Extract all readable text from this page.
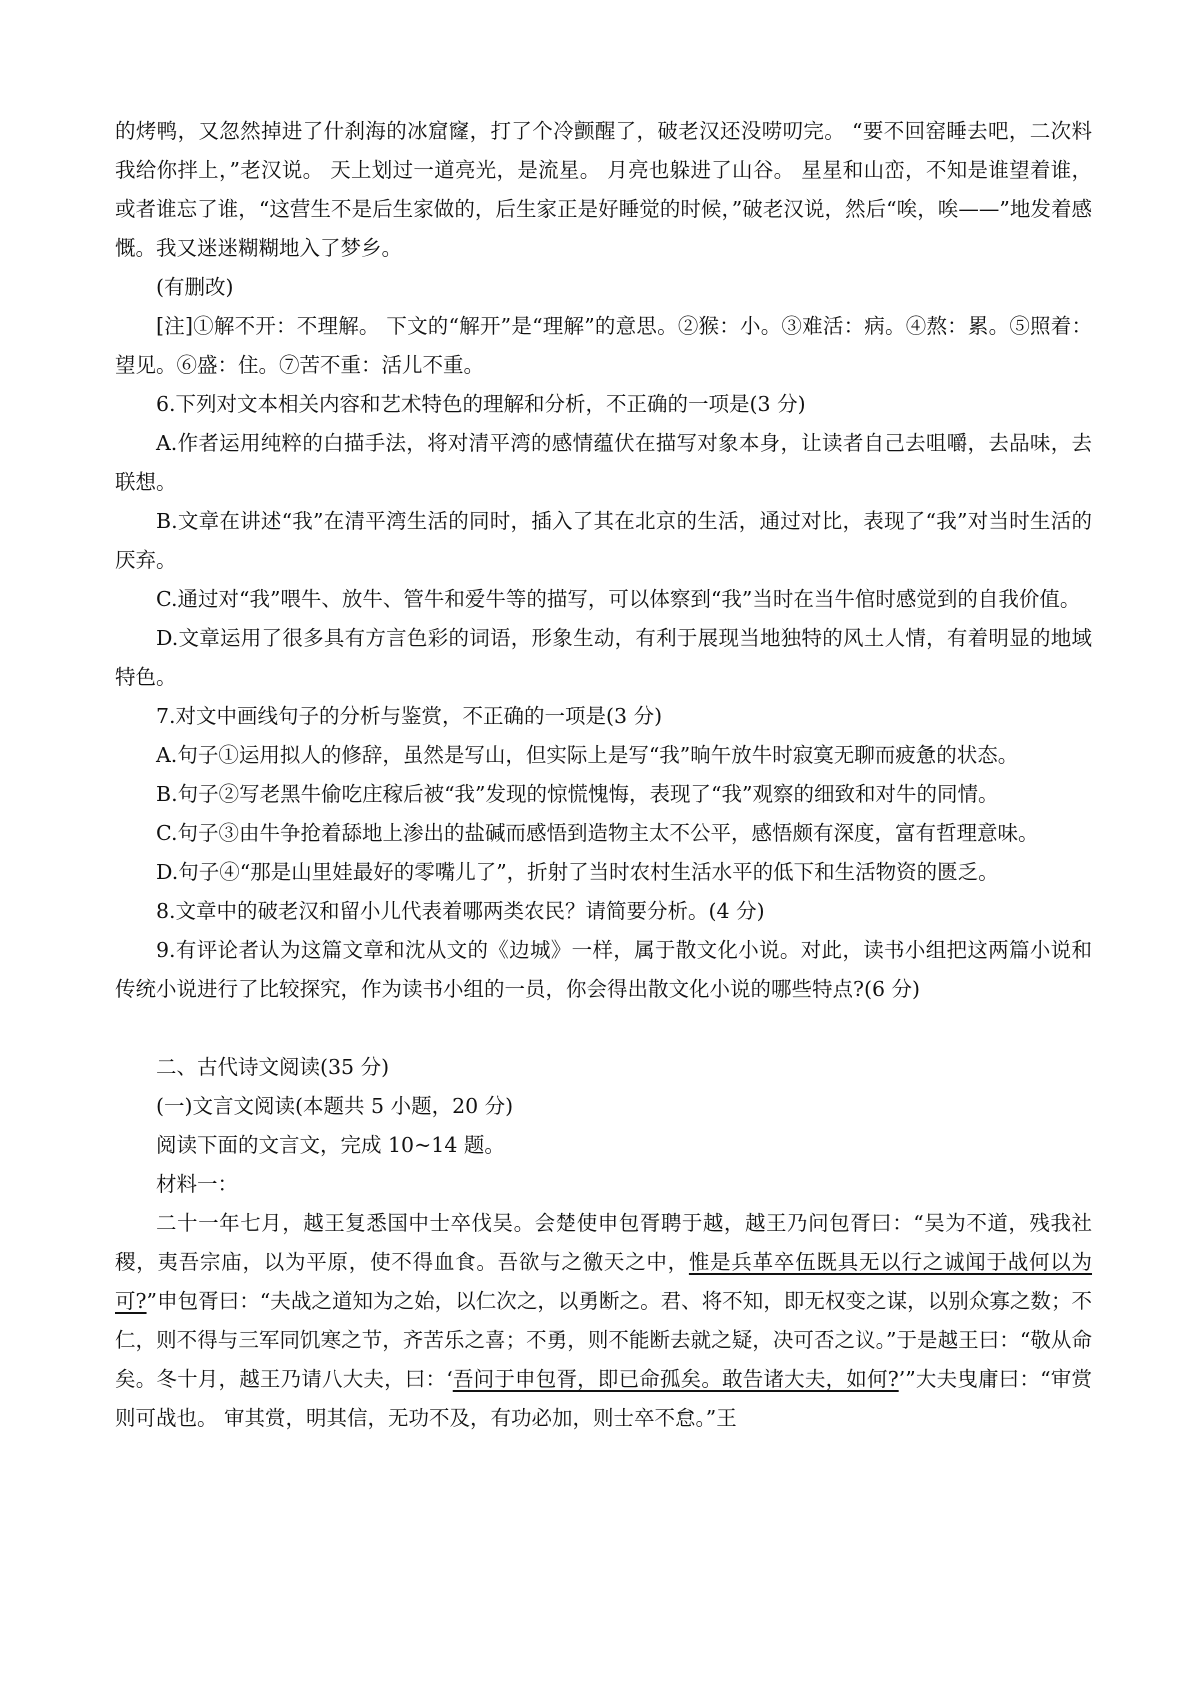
的烤鸭，又忽然掉进了什刹海的冰窟窿，打了个冷颤醒了，破老汉还没唠叨完。 “要不回窑睡去吧，二次料我给你拌上，”老汉说。 天上划过一道亮光，是流星。 月亮也躲进了山谷。 星星和山峦，不知是谁望着谁，或者谁忘了谁，“这营生不是后生家做的，后生家正是好睡觉的时候，”破老汉说，然后“唉，唉——”地发着感慨。我又迷迷糊糊地入了梦乡。

(有删改)

[注]①解不开：不理解。 下文的“解开”是“理解”的意思。②猴：小。③难活：病。④熬：累。⑤照着：望见。⑥盛：住。⑦苦不重：活儿不重。

6.下列对文本相关内容和艺术特色的理解和分析，不正确的一项是(3 分)

A.作者运用纯粹的白描手法，将对清平湾的感情蕴伏在描写对象本身，让读者自己去咀嚼，去品味，去联想。

B.文章在讲述“我”在清平湾生活的同时，插入了其在北京的生活，通过对比，表现了“我”对当时生活的厌弃。

C.通过对“我”喂牛、放牛、管牛和爱牛等的描写，可以体察到“我”当时在当牛倌时感觉到的自我价值。

D.文章运用了很多具有方言色彩的词语，形象生动，有利于展现当地独特的风土人情，有着明显的地域特色。

7.对文中画线句子的分析与鉴赏，不正确的一项是(3 分)

A.句子①运用拟人的修辞，虽然是写山，但实际上是写“我”晌午放牛时寂寞无聊而疲惫的状态。

B.句子②写老黑牛偷吃庄稼后被“我”发现的惊慌愧悔，表现了“我”观察的细致和对牛的同情。

C.句子③由牛争抢着舔地上渗出的盐碱而感悟到造物主太不公平，感悟颇有深度，富有哲理意味。

D.句子④“那是山里娃最好的零嘴儿了”，折射了当时农村生活水平的低下和生活物资的匮乏。

8.文章中的破老汉和留小儿代表着哪两类农民？请简要分析。(4 分)

9.有评论者认为这篇文章和沈从文的《边城》一样，属于散文化小说。对此，读书小组把这两篇小说和传统小说进行了比较探究，作为读书小组的一员，你会得出散文化小说的哪些特点?(6 分)

二、古代诗文阅读(35 分)

(一)文言文阅读(本题共 5 小题，20 分)

阅读下面的文言文，完成 10~14 题。

材料一：

二十一年七月，越王复悉国中士卒伐吴。会楚使申包胥聘于越，越王乃问包胥曰：“吴为不道，残我社稷，夷吾宗庙，以为平原，使不得血食。吾欲与之徼天之中，惟是兵革卒伍既具无以行之诚闻于战何以为可?”申包胥曰：“夫战之道知为之始，以仁次之，以勇断之。君、将不知，即无权变之谋，以别众寡之数；不仁，则不得与三军同饥寒之节，齐苦乐之喜；不勇，则不能断去就之疑，决可否之议。”于是越王曰：“敬从命矣。冬十月，越王乃请八大夫，曰：‘吾问于申包胥，即已命孤矣。敢告诸大夫，如何?’”大夫曳庸曰：“审赏则可战也。 审其赏，明其信，无功不及，有功必加，则士卒不怠。”王
